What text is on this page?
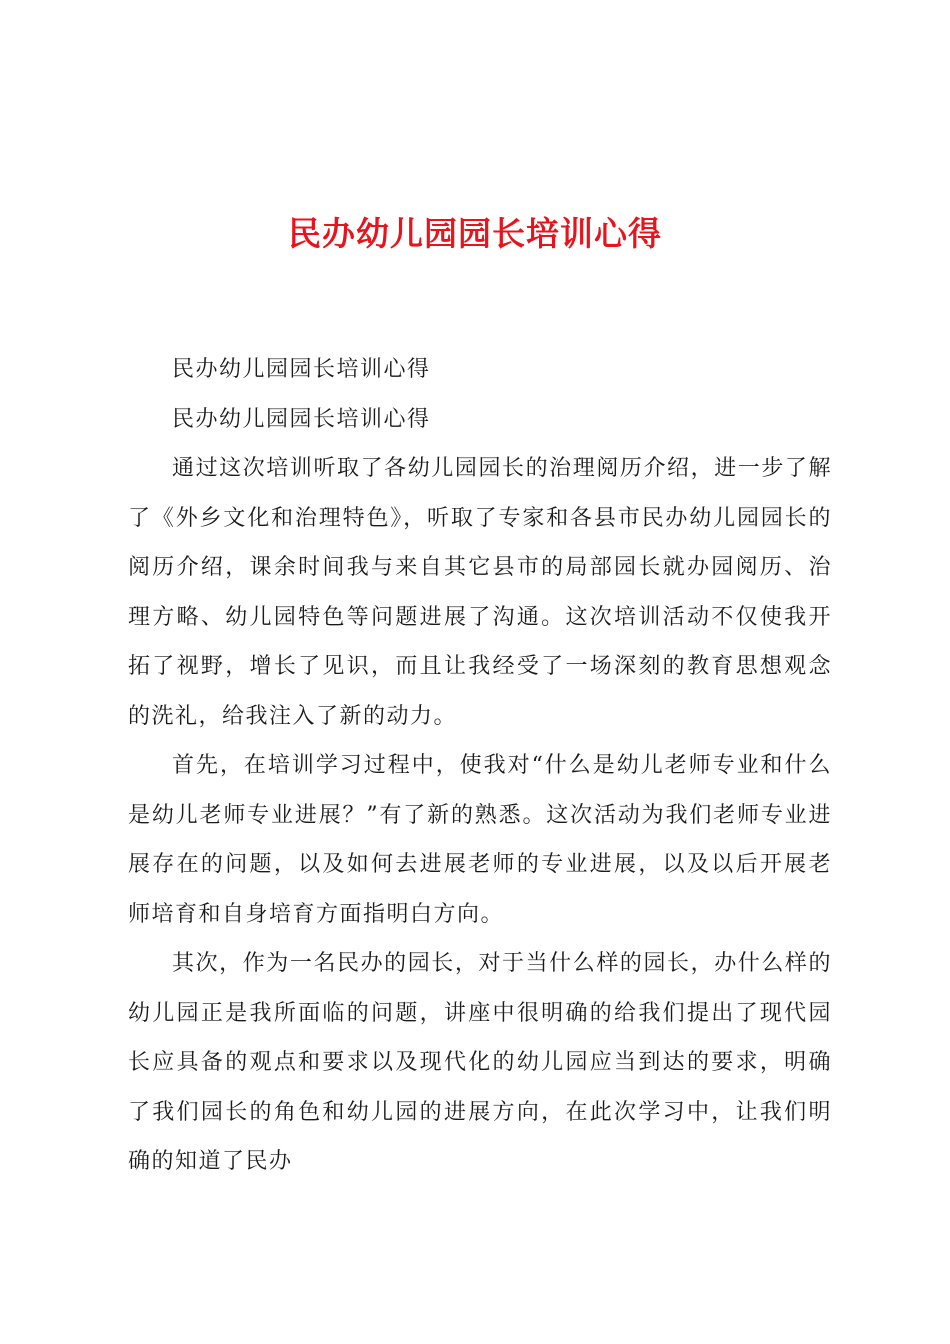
民办幼儿园园长培训心得

民办幼儿园园长培训心得

民办幼儿园园长培训心得

通过这次培训听取了各幼儿园园长的治理阅历介绍，进一步了解了《外乡文化和治理特色》，听取了专家和各县市民办幼儿园园长的阅历介绍，课余时间我与来自其它县市的局部园长就办园阅历、治理方略、幼儿园特色等问题进展了沟通。这次培训活动不仅使我开拓了视野，增长了见识，而且让我经受了一场深刻的教育思想观念的洗礼，给我注入了新的动力。

首先，在培训学习过程中，使我对“什么是幼儿老师专业和什么是幼儿老师专业进展？”有了新的熟悉。这次活动为我们老师专业进展存在的问题，以及如何去进展老师的专业进展，以及以后开展老师培育和自身培育方面指明白方向。

其次，作为一名民办的园长，对于当什么样的园长，办什么样的幼儿园正是我所面临的问题，讲座中很明确的给我们提出了现代园长应具备的观点和要求以及现代化的幼儿园应当到达的要求，明确了我们园长的角色和幼儿园的进展方向，在此次学习中，让我们明确的知道了民办
